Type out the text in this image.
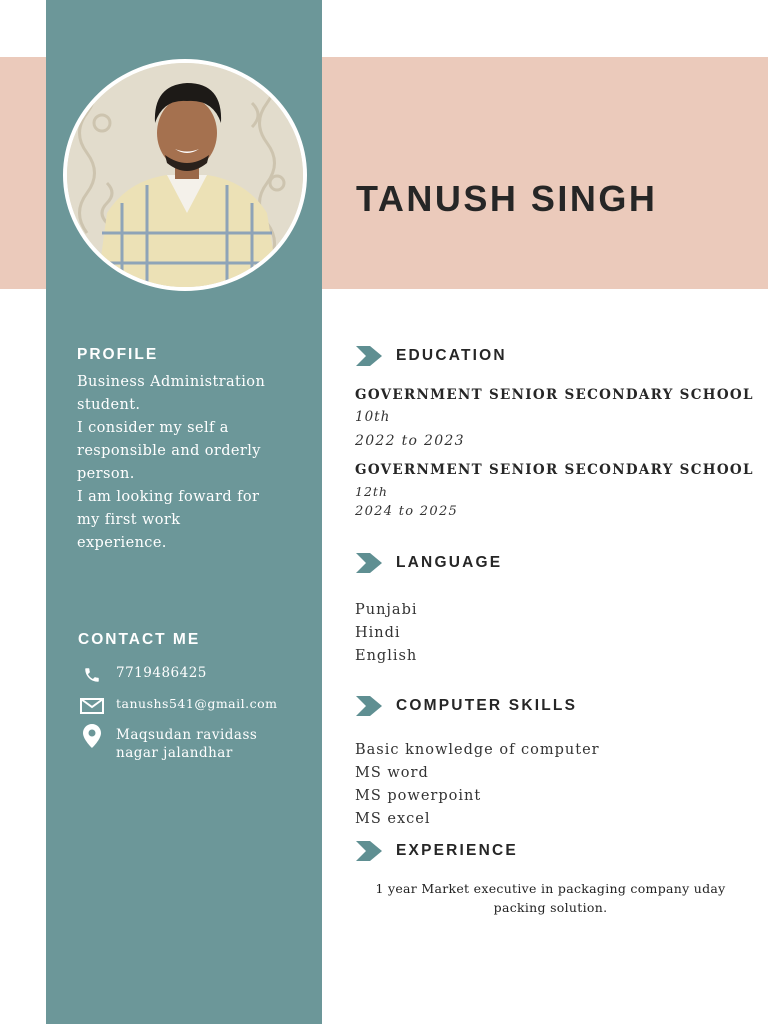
TANUSH SINGH
PROFILE
Business Administration
student.
I consider my self a
responsible and orderly
person.
I am looking foward for
my first work
experience.
CONTACT ME
7719486425
tanushs541@gmail.com
Maqsudan ravidass
nagar jalandhar
EDUCATION
GOVERNMENT SENIOR SECONDARY SCHOOL
10th
2022 to 2023
GOVERNMENT SENIOR SECONDARY SCHOOL
12th
2024 to 2025
LANGUAGE
Punjabi
Hindi
English
COMPUTER SKILLS
Basic knowledge of computer
MS word
MS powerpoint
MS excel
EXPERIENCE
1 year Market executive in packaging company uday
packing solution.
